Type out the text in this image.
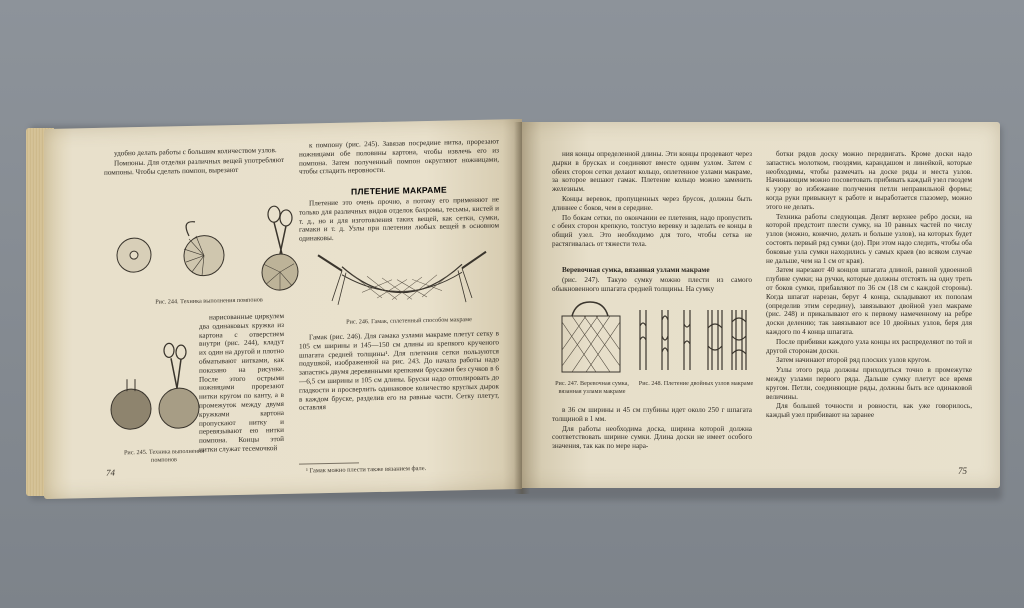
удобно делать работы с большим количеством узлов.

Помпоны. Для отделки различных вещей употребляют помпоны. Чтобы сделать помпон, вырезают

Рис. 244. Техника выполнения помпонов

нарисованные циркулем два одинаковых кружка из картона с отверстием внутри (рис. 244), кладут их один на другой и плотно обматывают нитками, как показано на рисунке. После этого острыми ножницами прорезают нитки кругом по канту, а в промежуток между двумя кружками картона пропускают нитку и перевязывают ею нитки помпона. Концы этой нитки служат тесемочкой

Рис. 245. Техника выполнения помпонов

к помпону (рис. 245). Завязав посредине нитка, прорезают ножницами обе половины картона, чтобы извлечь его из помпона. Затем полученный помпон округляют ножницами, чтобы сгладить неровности.

ПЛЕТЕНИЕ МАКРАМЕ

Плетение это очень прочно, а потому его применяют не только для различных видов отделок бахромы, тесьмы, кистей и т. д., но и для изготовления таких вещей, как сетки, сумки, гамаки и т. д. Узлы при плетении любых вещей в основном одинаковы.

Рис. 246. Гамак, сплетенный способом макраме

Гамак (рис. 246). Для гамака узлами макраме плетут сетку в 105 см ширины и 145—150 см длины из крепкого крученого шпагата средней толщины¹. Для плетения сетки пользуются подушкой, изображенной на рис. 243. До начала работы надо запастись двумя деревянными крепкими брусками без сучков в 6—6,5 см ширины и 105 см длины. Бруски надо отполировать до гладкости и просверлить одинаковое количество круглых дырок в каждом бруске, разделив его на равные части. Сетку плетут, оставляя

¹ Гамак можно плести также вязанием фале.
74

ния концы определенной длины. Эти концы продевают через дырки в брусках и соединяют вместе одним узлом. Затем с обеих сторон сетки делают кольцо, оплетенное узлами макраме, за которое вешают гамак. Плетение кольцо можно заменить железным.

Концы веревок, пропущенных через брусок, должны быть длиннее с боков, чем в середине.

По бокам сетки, по окончании ее плетения, надо пропустить с обеих сторон крепкую, толстую веревку и заделать ее концы в общий узел. Это необходимо для того, чтобы сетка не растягивалась от тяжести тела.

Веревочная сумка, вязанная узлами макраме

(рис. 247). Такую сумку можно плести из самого обыкновенного шпагата средней толщины. На сумку

Рис. 247. Веревочная сумка, вязанная узлами макраме
Рис. 248. Плетение двойных узлов макраме

в 36 см ширины и 45 см глубины идет около 250 г шпагата толщиной в 1 мм.

Для работы необходима доска, ширина которой должна соответствовать ширине сумки. Длина доски не имеет особого значения, так как по мере нара-

ботки рядов доску можно передвигать. Кроме доски надо запастись молотком, гвоздями, карандашом и линейкой, которые необходимы, чтобы размечать на доске ряды и места узлов. Начинающим можно посоветовать прибивать каждый узел гвоздем к узору во избежание получения петли неправильной формы; когда руки привыкнут к работе и выработается глазомер, можно этого не делать.

Техника работы следующая. Делят верхнее ребро доски, на которой предстоит плести сумку, на 10 равных частей по числу узлов (можно, конечно, делать и больше узлов), на которых будет состоять первый ряд сумки (до). При этом надо следить, чтобы оба боковые узла сумки находились у самых краев (во всяком случае не дальше, чем на 1 см от края).

Затем нарезают 40 концов шпагата длиной, равной удвоенной глубине сумки; на ручки, которые должны отстоять на одну треть от боков сумки, прибавляют по 36 см (18 см с каждой стороны). Когда шпагат нарезан, берут 4 конца, складывают их пополам (определив этим середину), завязывают двойной узел макраме (рис. 248) и прикалывают его к первому намеченному на ребре доски делению; так завязывают все 10 двойных узлов, беря для каждого по 4 конца шпагата.

После прибивки каждого узла концы их распределяют по той и другой сторонам доски.

Затем начинают второй ряд плоских узлов кругом.

Узлы этого ряда должны приходиться точно в промежутке между узлами первого ряда. Дальше сумку плетут все время кругом. Петли, соединяющие ряды, должны быть все одинаковой величины.

Для большей точности и ровности, как уже говорилось, каждый узел прибивают на заранее

75
